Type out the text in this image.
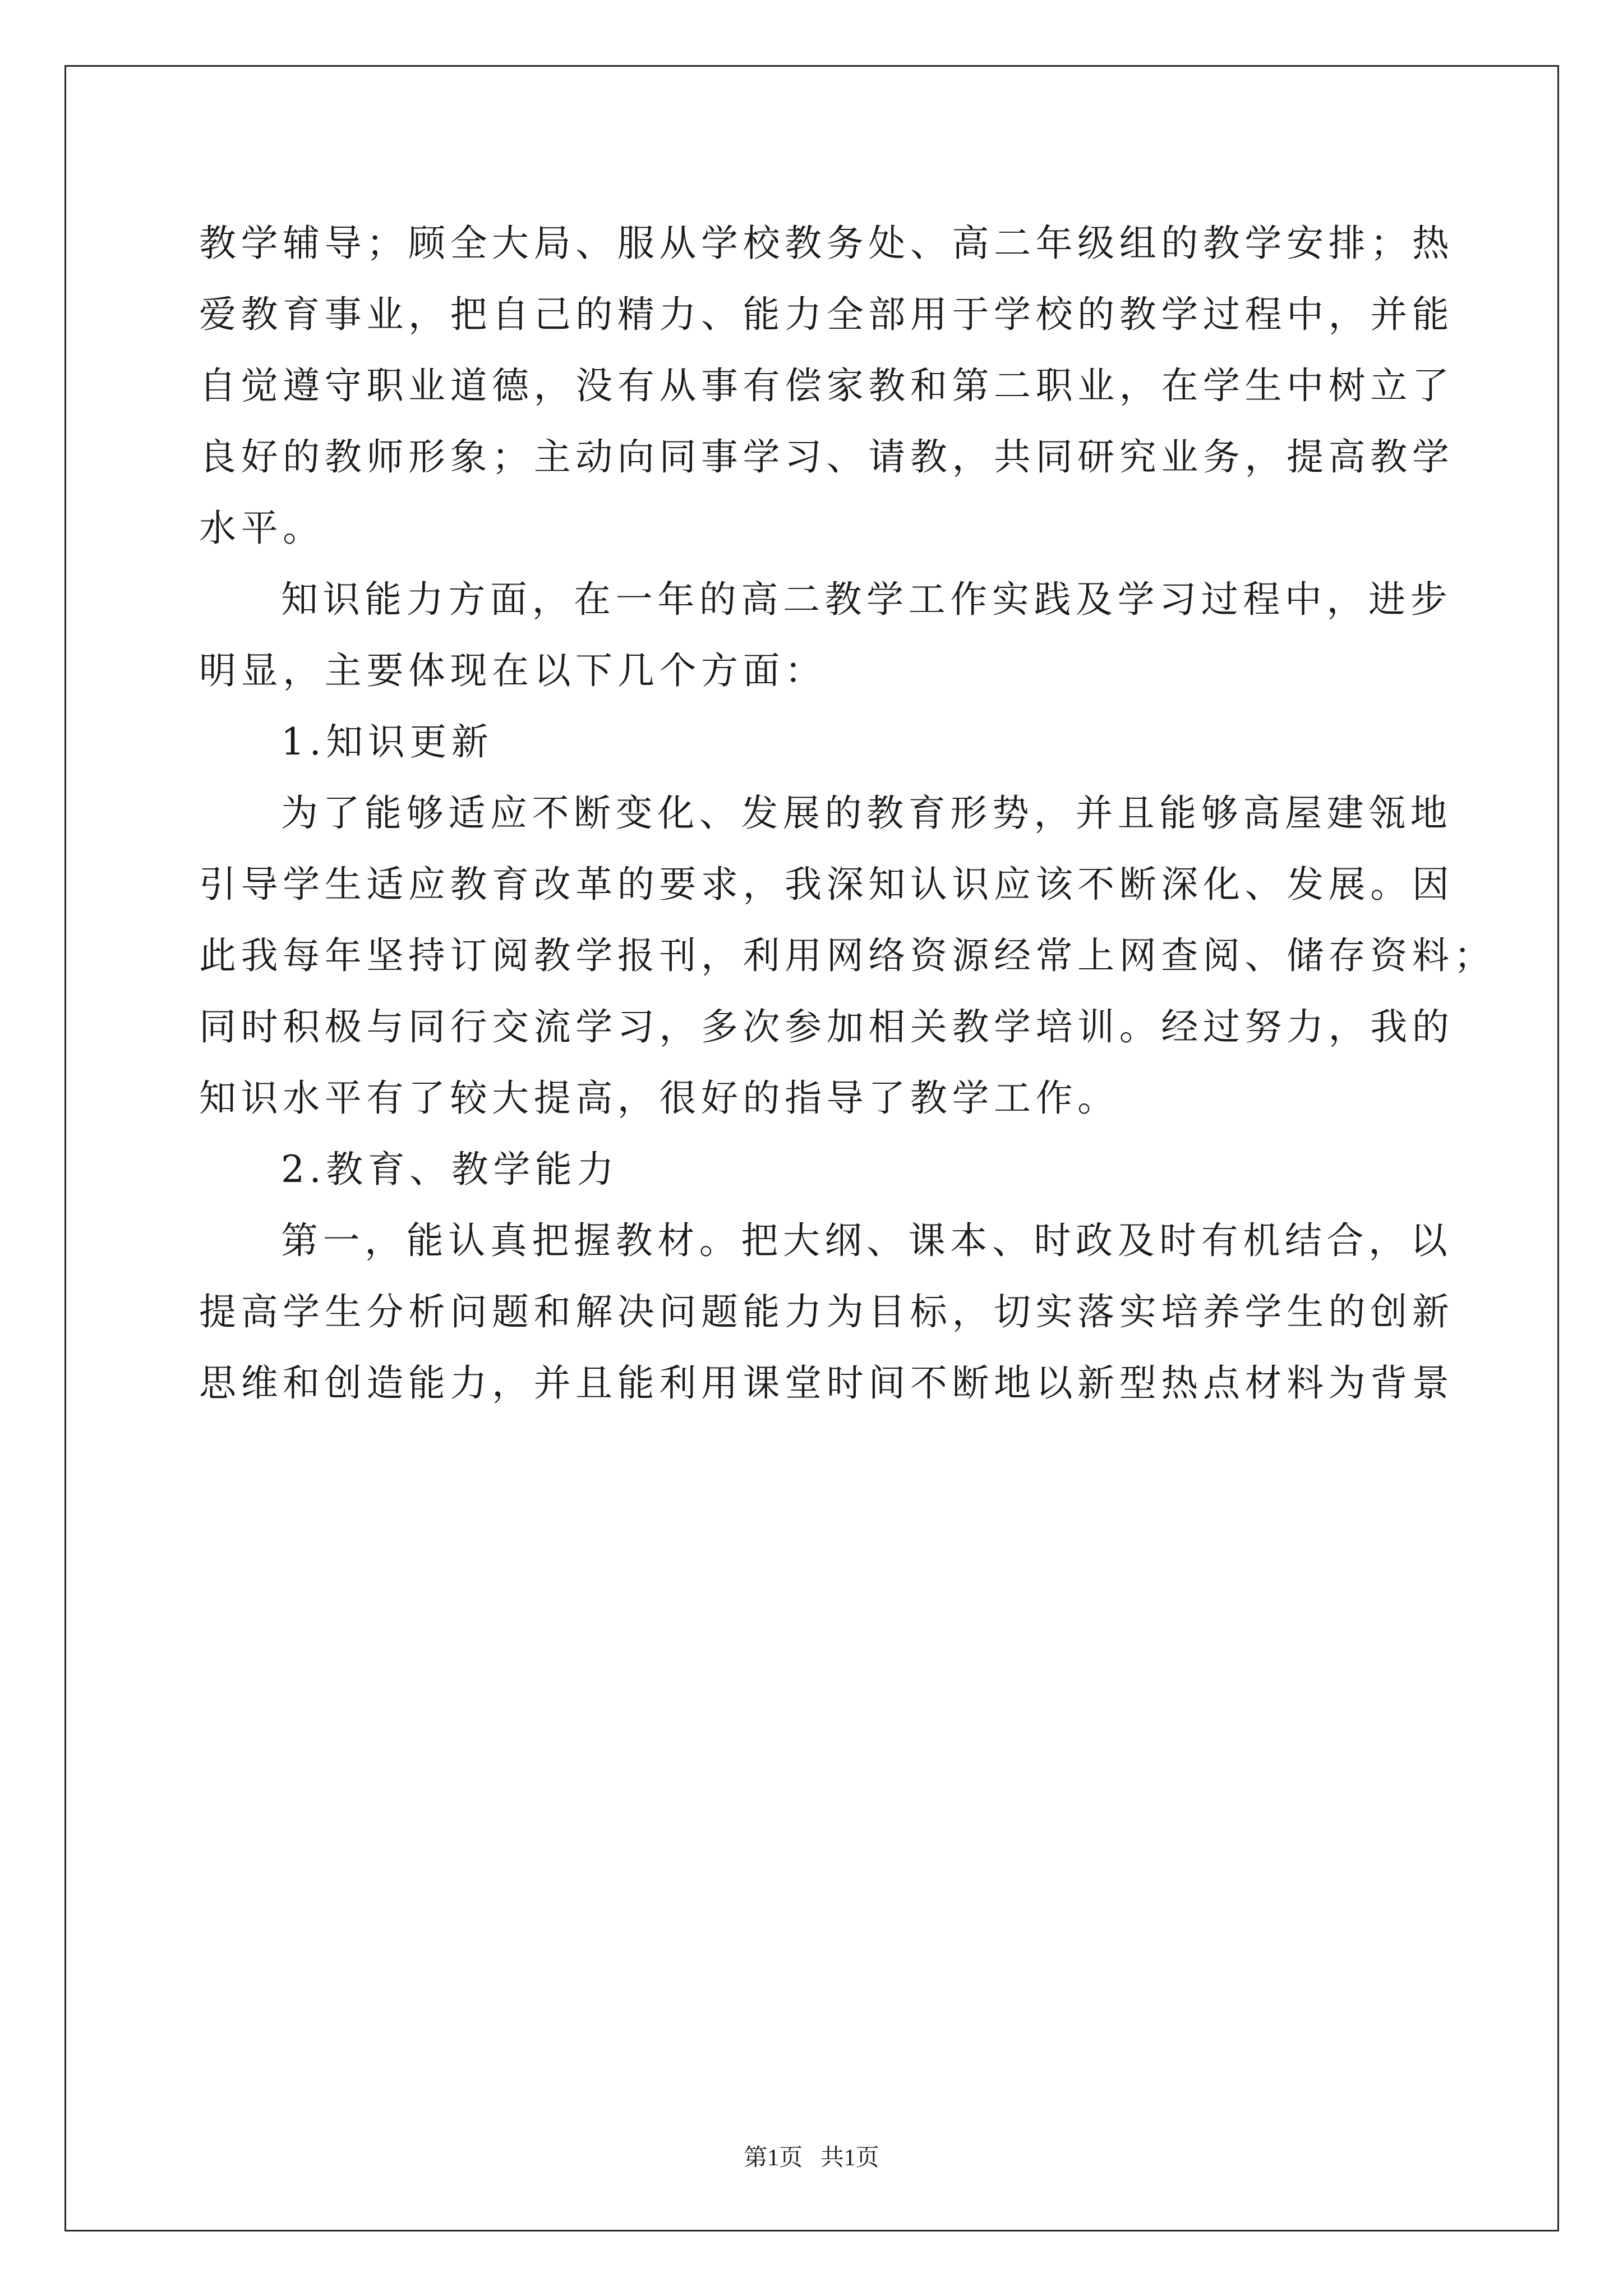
教学辅导；顾全大局、服从学校教务处、高二年级组的教学安排；热
爱教育事业，把自己的精力、能力全部用于学校的教学过程中，并能
自觉遵守职业道德，没有从事有偿家教和第二职业，在学生中树立了
良好的教师形象；主动向同事学习、请教，共同研究业务，提高教学
水平。
知识能力方面，在一年的高二教学工作实践及学习过程中，进步
明显，主要体现在以下几个方面：
1.知识更新
为了能够适应不断变化、发展的教育形势，并且能够高屋建瓴地
引导学生适应教育改革的要求，我深知认识应该不断深化、发展。因
此我每年坚持订阅教学报刊，利用网络资源经常上网查阅、储存资料；
同时积极与同行交流学习，多次参加相关教学培训。经过努力，我的
知识水平有了较大提高，很好的指导了教学工作。
2.教育、教学能力
第一，能认真把握教材。把大纲、课本、时政及时有机结合，以
提高学生分析问题和解决问题能力为目标，切实落实培养学生的创新
思维和创造能力，并且能利用课堂时间不断地以新型热点材料为背景
第1页   共1页
